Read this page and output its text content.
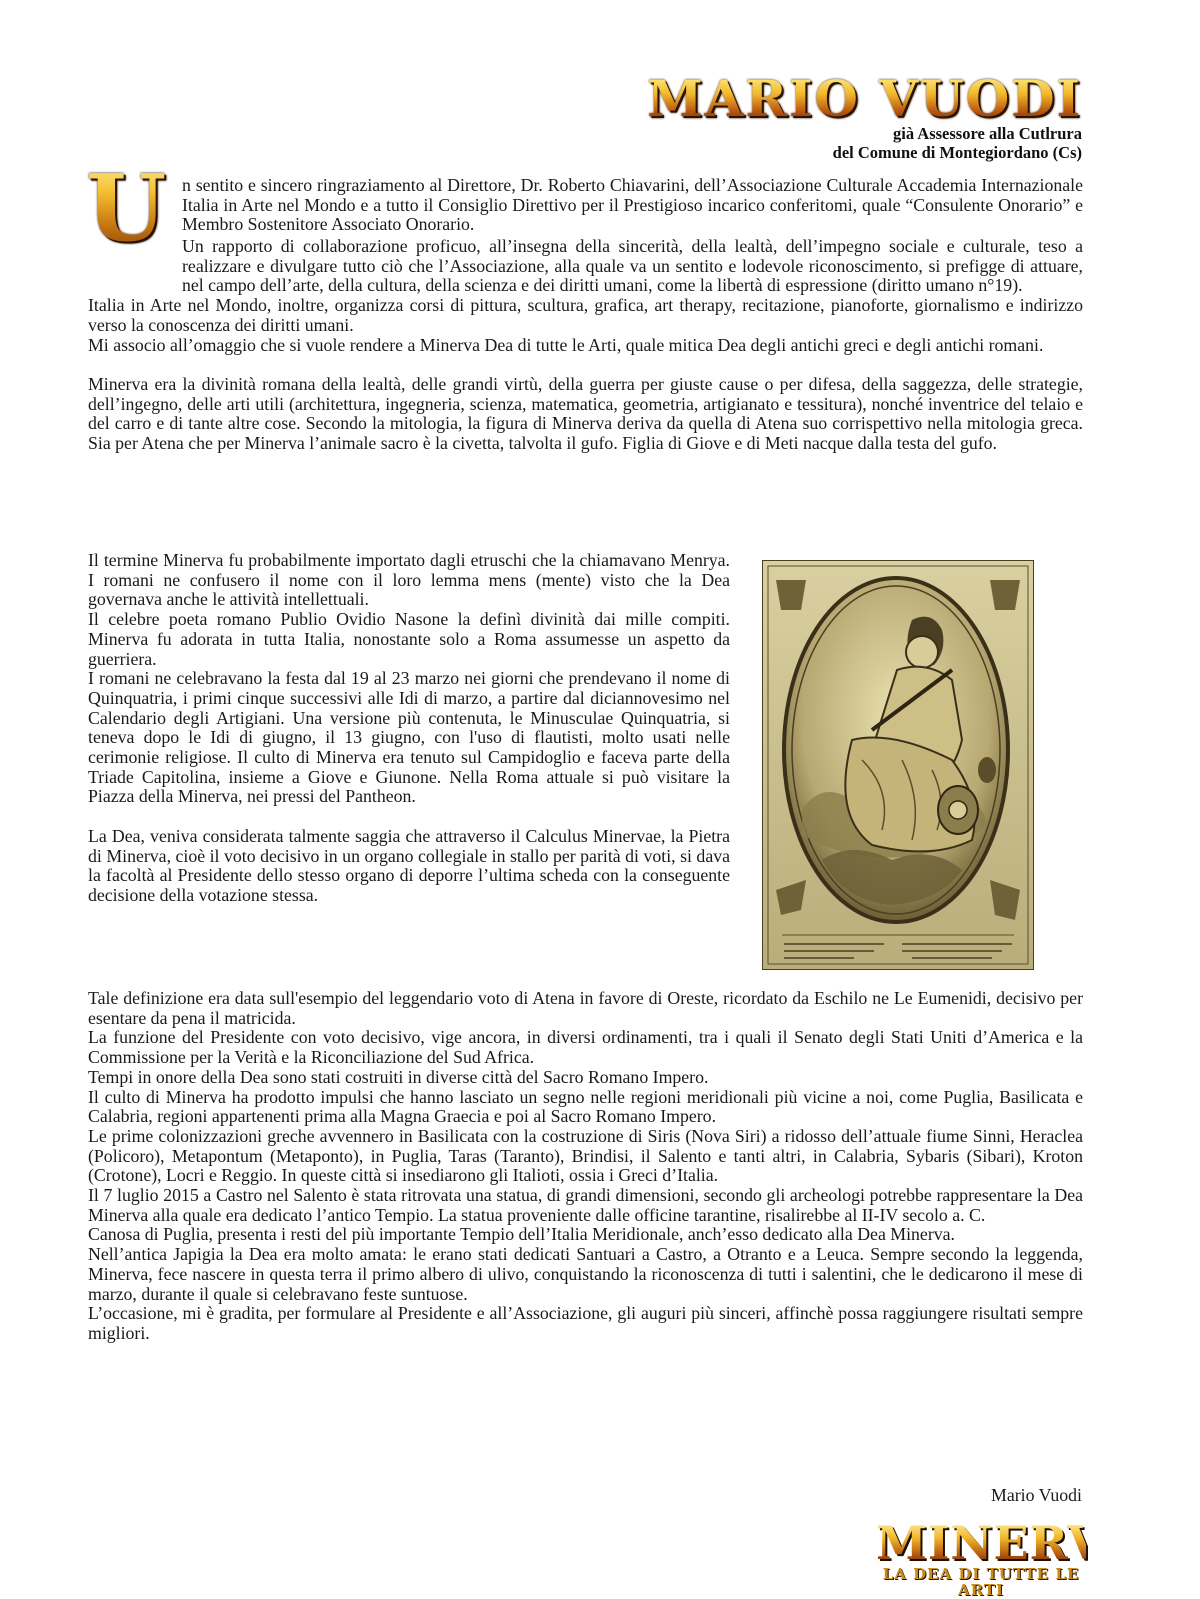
MARIO VUODI
già Assessore alla Cutlrura
del Comune di Montegiordano (Cs)
U n sentito e sincero ringraziamento al Direttore, Dr. Roberto Chiavarini, dell’Associazione Culturale Accademia Internazionale Italia in Arte nel Mondo e a tutto il Consiglio Direttivo per il Prestigioso incarico conferitomi, quale “Consulente Onorario” e Membro Sostenitore Associato Onorario.

Un rapporto di collaborazione proficuo, all’insegna della sincerità, della lealtà, dell’impegno sociale e culturale, teso a realizzare e divulgare tutto ciò che l’Associazione, alla quale va un sentito e lodevole riconoscimento, si prefigge di attuare, nel campo dell’arte, della cultura, della scienza e dei diritti umani, come la libertà di espressione (diritto umano n°19).

Italia in Arte nel Mondo, inoltre, organizza corsi di pittura, scultura, grafica, art therapy, recitazione, pianoforte, giornalismo e indirizzo verso la conoscenza dei diritti umani.

Mi associo all’omaggio che si vuole rendere a Minerva Dea di tutte le Arti, quale mitica Dea degli antichi greci e degli antichi romani.

Minerva era la divinità romana della lealtà, delle grandi virtù, della guerra per giuste cause o per difesa, della saggezza, delle strategie, dell’ingegno, delle arti utili (architettura, ingegneria, scienza, matematica, geometria, artigianato e tessitura), nonché inventrice del telaio e del carro e di tante altre cose. Secondo la mitologia, la figura di Minerva deriva da quella di Atena suo corrispettivo nella mitologia greca. Sia per Atena che per Minerva l’animale sacro è la civetta, talvolta il gufo. Figlia di Giove e di Meti nacque dalla testa del gufo.

Il termine Minerva fu probabilmente importato dagli etruschi che la chiamavano Menrya. I romani ne confusero il nome con il loro lemma mens (mente) visto che la Dea governava anche le attività intellettuali.

Il celebre poeta romano Publio Ovidio Nasone la definì divinità dai mille compiti. Minerva fu adorata in tutta Italia, nonostante solo a Roma assumesse un aspetto da guerriera.

I romani ne celebravano la festa dal 19 al 23 marzo nei giorni che prendevano il nome di Quinquatria, i primi cinque successivi alle Idi di marzo, a partire dal diciannovesimo nel Calendario degli Artigiani. Una versione più contenuta, le Minusculae Quinquatria, si teneva dopo le Idi di giugno, il 13 giugno, con l'uso di flautisti, molto usati nelle cerimonie religiose. Il culto di Minerva era tenuto sul Campidoglio e faceva parte della Triade Capitolina, insieme a Giove e Giunone. Nella Roma attuale si può visitare la Piazza della Minerva, nei pressi del Pantheon.

La Dea, veniva considerata talmente saggia che attraverso il Calculus Minervae, la Pietra di Minerva, cioè il voto decisivo in un organo collegiale in stallo per parità di voti, si dava la facoltà al Presidente dello stesso organo di deporre l’ultima scheda con la conseguente decisione della votazione stessa.

Tale definizione era data sull'esempio del leggendario voto di Atena in favore di Oreste, ricordato da Eschilo ne Le Eumenidi, decisivo per esentare da pena il matricida.

La funzione del Presidente con voto decisivo, vige ancora, in diversi ordinamenti, tra i quali il Senato degli Stati Uniti d’America e la Commissione per la Verità e la Riconciliazione del Sud Africa.

Tempi in onore della Dea sono stati costruiti in diverse città del Sacro Romano Impero.

Il culto di Minerva ha prodotto impulsi che hanno lasciato un segno nelle regioni meridionali più vicine a noi, come Puglia, Basilicata e Calabria, regioni appartenenti prima alla Magna Graecia e poi al Sacro Romano Impero.

Le prime colonizzazioni greche avvennero in Basilicata con la costruzione di Siris (Nova Siri) a ridosso dell’attuale fiume Sinni, Heraclea (Policoro), Metapontum (Metaponto), in Puglia, Taras (Taranto), Brindisi, il Salento e tanti altri, in Calabria, Sybaris (Sibari), Kroton (Crotone), Locri e Reggio. In queste città si insediarono gli Italioti, ossia i Greci d’Italia.

Il 7 luglio 2015 a Castro nel Salento è stata ritrovata una statua, di grandi dimensioni, secondo gli archeologi potrebbe rappresentare la Dea Minerva alla quale era dedicato l’antico Tempio. La statua proveniente dalle officine tarantine, risalirebbe al II-IV secolo a. C.

Canosa di Puglia, presenta i resti del più importante Tempio dell’Italia Meridionale, anch’esso dedicato alla Dea Minerva.

Nell’antica Japigia la Dea era molto amata: le erano stati dedicati Santuari a Castro, a Otranto e a Leuca. Sempre secondo la leggenda, Minerva, fece nascere in questa terra il primo albero di ulivo, conquistando la riconoscenza di tutti i salentini, che le dedicarono il mese di marzo, durante il quale si celebravano feste suntuose.

L’occasione, mi è gradita, per formulare al Presidente e all’Associazione, gli auguri più sinceri, affinchè possa raggiungere risultati sempre migliori.

Mario Vuodi
MINERVA
LA DEA DI TUTTE LE ARTI
